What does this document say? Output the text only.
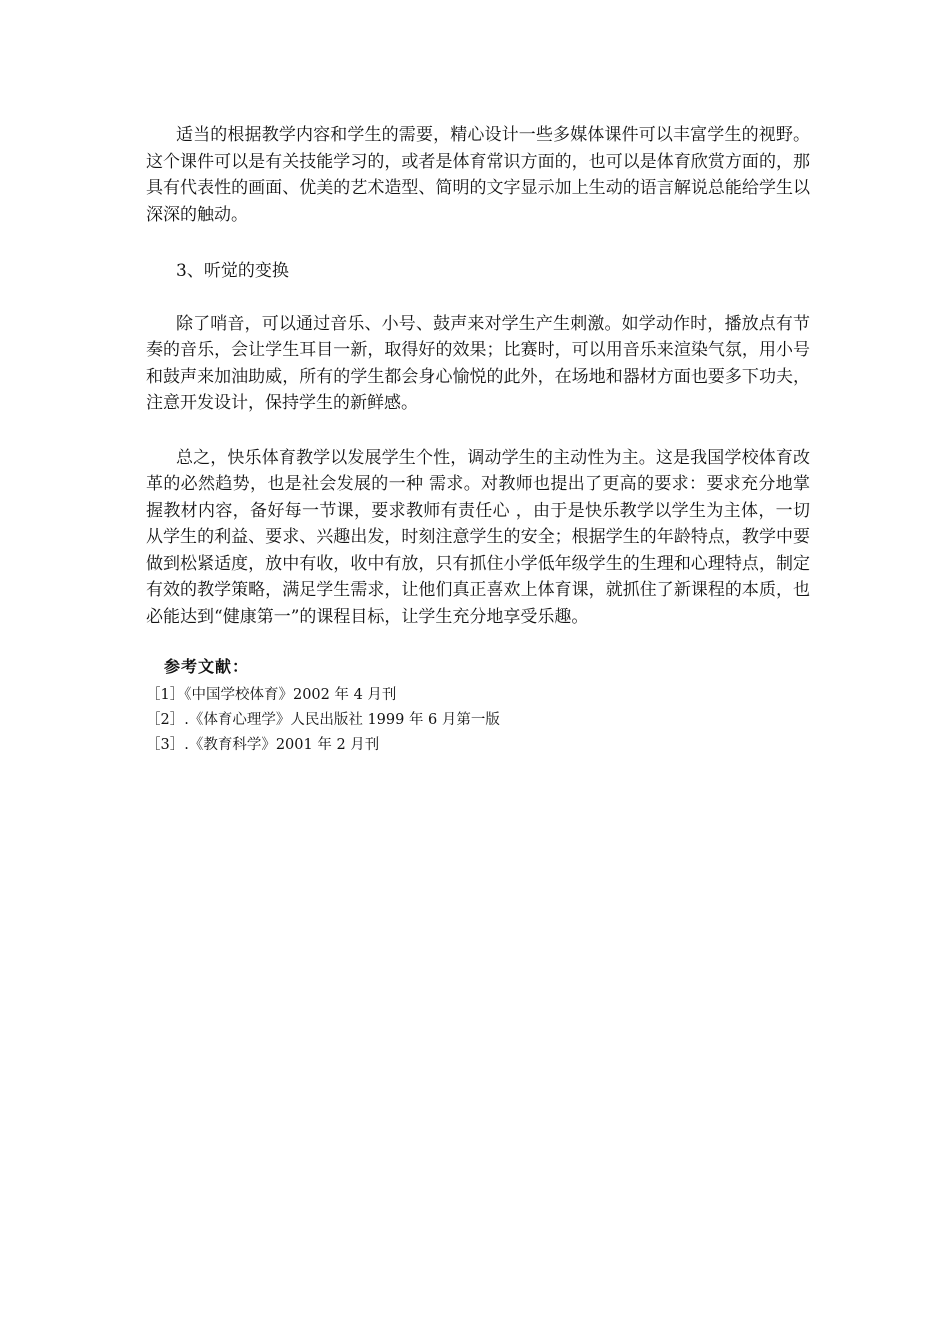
适当的根据教学内容和学生的需要，精心设计一些多媒体课件可以丰富学生的视野。这个课件可以是有关技能学习的，或者是体育常识方面的，也可以是体育欣赏方面的，那具有代表性的画面、优美的艺术造型、简明的文字显示加上生动的语言解说总能给学生以深深的触动。

3、听觉的变换

除了哨音，可以通过音乐、小号、鼓声来对学生产生刺激。如学动作时，播放点有节奏的音乐，会让学生耳目一新，取得好的效果；比赛时，可以用音乐来渲染气氛，用小号和鼓声来加油助威，所有的学生都会身心愉悦的此外，在场地和器材方面也要多下功夫，注意开发设计，保持学生的新鲜感。

总之，快乐体育教学以发展学生个性，调动学生的主动性为主。这是我国学校体育改革的必然趋势，也是社会发展的一种 需求。对教师也提出了更高的要求：要求充分地掌握教材内容，备好每一节课，要求教师有责任心 ，由于是快乐教学以学生为主体，一切从学生的利益、要求、兴趣出发，时刻注意学生的安全；根据学生的年龄特点，教学中要做到松紧适度，放中有收，收中有放，只有抓住小学低年级学生的生理和心理特点，制定有效的教学策略，满足学生需求，让他们真正喜欢上体育课，就抓住了新课程的本质，也必能达到“健康第一”的课程目标，让学生充分地享受乐趣。

参考文献：

［1］《中国学校体育》2002 年 4 月刊
［2］.《体育心理学》人民出版社 1999 年 6 月第一版
［3］.《教育科学》2001 年 2 月刊
